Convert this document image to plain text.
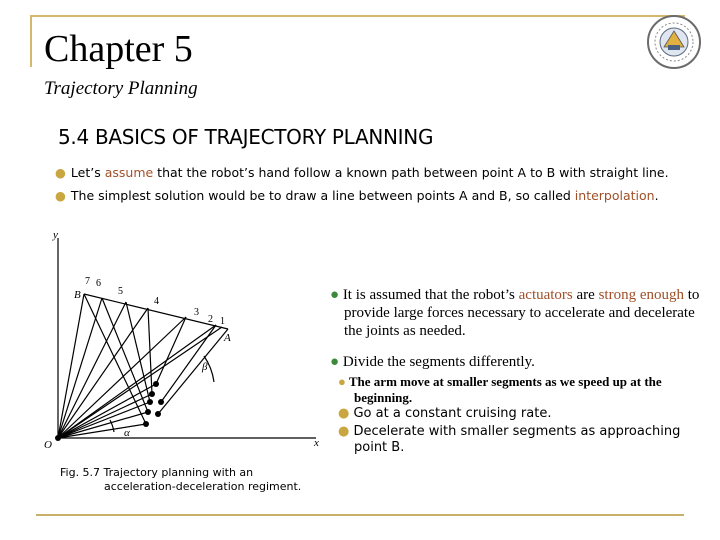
Chapter 5
Trajectory Planning
5.4 BASICS OF TRAJECTORY PLANNING
● Let’s assume that the robot’s hand follow a known path between point A to B with straight line.
● The simplest solution would be to draw a line between points A and B, so called interpolation.
y
x
O
B
A
β
α
1
2
3
4
5
6
7
Fig. 5.7 Trajectory planning with an
acceleration-deceleration regiment.
● It is assumed that the robot’s actuators are strong enough to provide large forces necessary to accelerate and decelerate the joints as needed.
● Divide the segments differently.
● The arm move at smaller segments as we speed up at the beginning.
● Go at a constant cruising rate.
● Decelerate with smaller segments as approaching point B.
